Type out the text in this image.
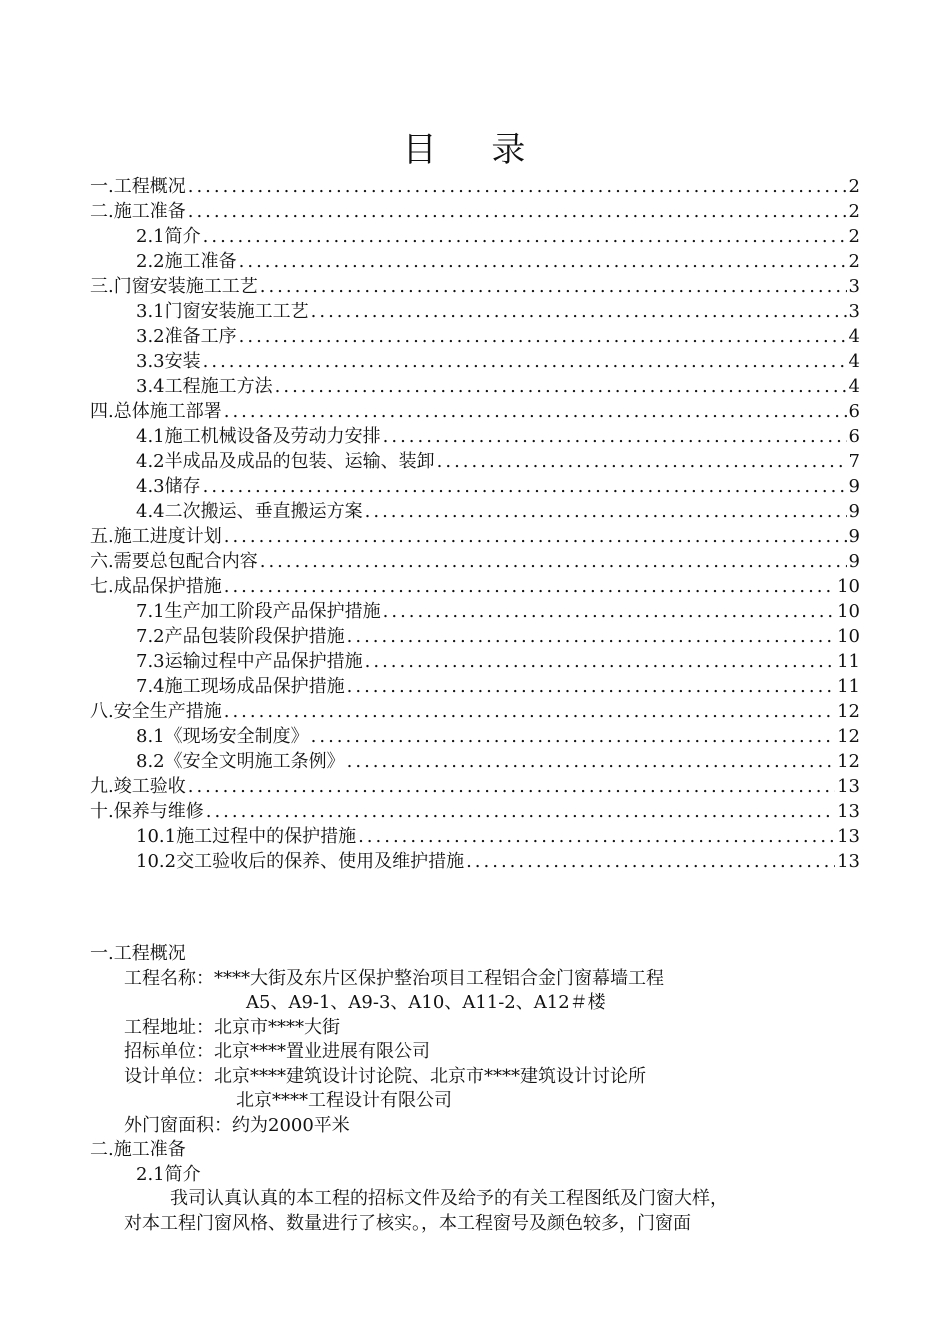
目 录
一.工程概况 .....	2
二.施工准备 .....	2
2.1简介 .....	2
2.2施工准备 .....	2
三.门窗安装施工工艺 .....	3
3.1门窗安装施工工艺 .....	3
3.2准备工序 .....	4
3.3安装 .....	4
3.4工程施工方法 .....	4
四.总体施工部署 .....	6
4.1施工机械设备及劳动力安排 .....	6
4.2半成品及成品的包装、运输、装卸 .....	7
4.3储存 .....	9
4.4二次搬运、垂直搬运方案 .....	9
五.施工进度计划 .....	9
六.需要总包配合内容 .....	9
七.成品保护措施 .....	10
7.1生产加工阶段产品保护措施 .....	10
7.2产品包装阶段保护措施 .....	10
7.3运输过程中产品保护措施 .....	11
7.4施工现场成品保护措施 .....	11
八.安全生产措施 .....	12
8.1《现场安全制度》 .....	12
8.2《安全文明施工条例》 .....	12
九.竣工验收 .....	13
十.保养与维修 .....	13
10.1施工过程中的保护措施 .....	13
10.2交工验收后的保养、使用及维护措施 .....	13
一.工程概况
工程名称：****大街及东片区保护整治项目工程铝合金门窗幕墙工程
A5、A9-1、A9-3、A10、A11-2、A12＃楼
工程地址：北京市****大街
招标单位：北京****置业进展有限公司
设计单位：北京****建筑设计讨论院、北京市****建筑设计讨论所
北京****工程设计有限公司
外门窗面积：约为2000平米
二.施工准备
2.1简介
我司认真认真的本工程的招标文件及给予的有关工程图纸及门窗大样，
对本工程门窗风格、数量进行了核实。，本工程窗号及颜色较多，门窗面
